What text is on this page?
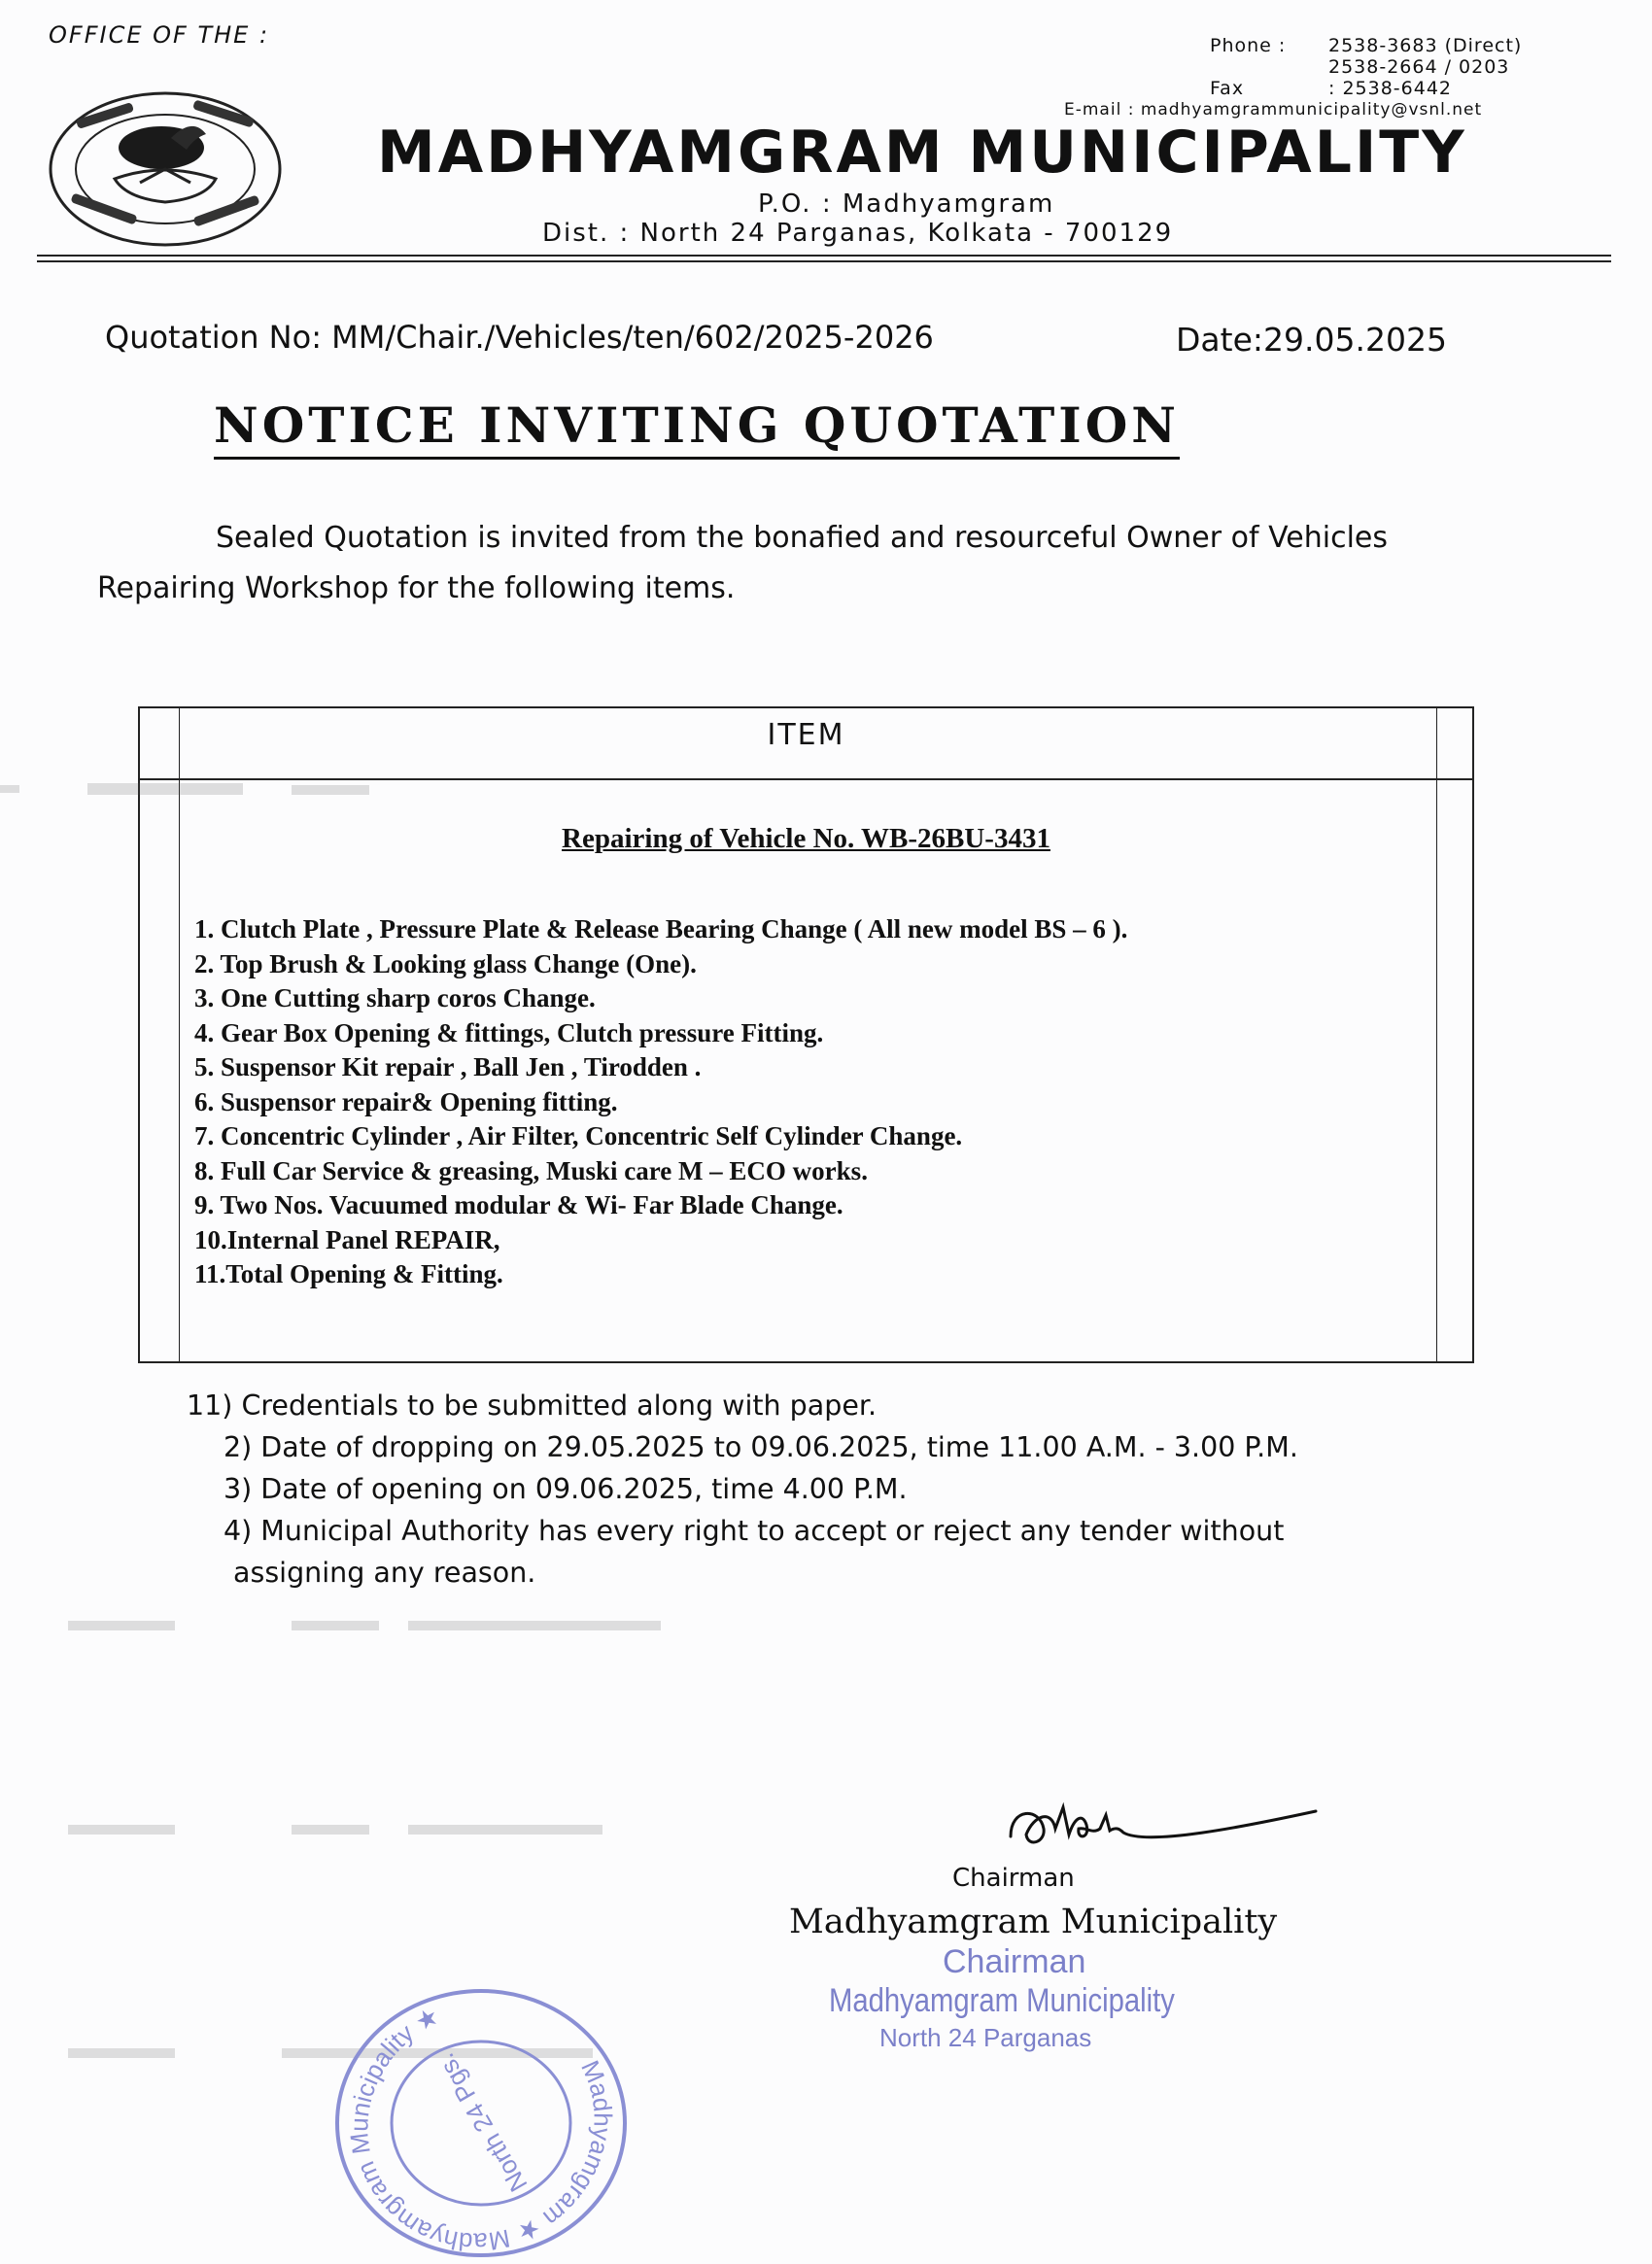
OFFICE OF THE :	Phone :	2538-3683 (Direct)
2538-2664 / 0203
Fax	: 2538-6442
E-mail : madhyamgrammunicipality@vsnl.net
MADHYAMGRAM MUNICIPALITY
P.O. : Madhyamgram
Dist. : North 24 Parganas, Kolkata - 700129
Quotation No: MM/Chair./Vehicles/ten/602/2025-2026	Date:29.05.2025
NOTICE INVITING QUOTATION
Sealed Quotation is invited from the bonafied and resourceful Owner of Vehicles
Repairing Workshop for the following items.
ITEM
Repairing of Vehicle No. WB-26BU-3431
1. Clutch Plate , Pressure Plate & Release Bearing Change ( All new model BS – 6 ).
2. Top Brush & Looking glass Change (One).
3. One Cutting sharp coros Change.
4. Gear Box Opening & fittings, Clutch pressure Fitting.
5. Suspensor Kit repair , Ball Jen , Tirodden .
6. Suspensor repair& Opening fitting.
7. Concentric Cylinder , Air Filter, Concentric Self Cylinder Change.
8. Full Car Service & greasing, Muski care M – ECO works.
9. Two Nos. Vacuumed modular & Wi- Far Blade Change.
10.Internal Panel REPAIR,
11.Total Opening & Fitting.
11) Credentials to be submitted along with paper.
2) Date of dropping on 29.05.2025 to 09.06.2025, time 11.00 A.M. - 3.00 P.M.
3) Date of opening on 09.06.2025, time 4.00 P.M.
4) Municipal Authority has every right to accept or reject any tender without
assigning any reason.
Chairman
Madhyamgram Municipality
Chairman
Madhyamgram Municipality
North 24 Parganas
Madhyamgram ★ Madhyamgram Municipality ★
North 24 Pgs.
